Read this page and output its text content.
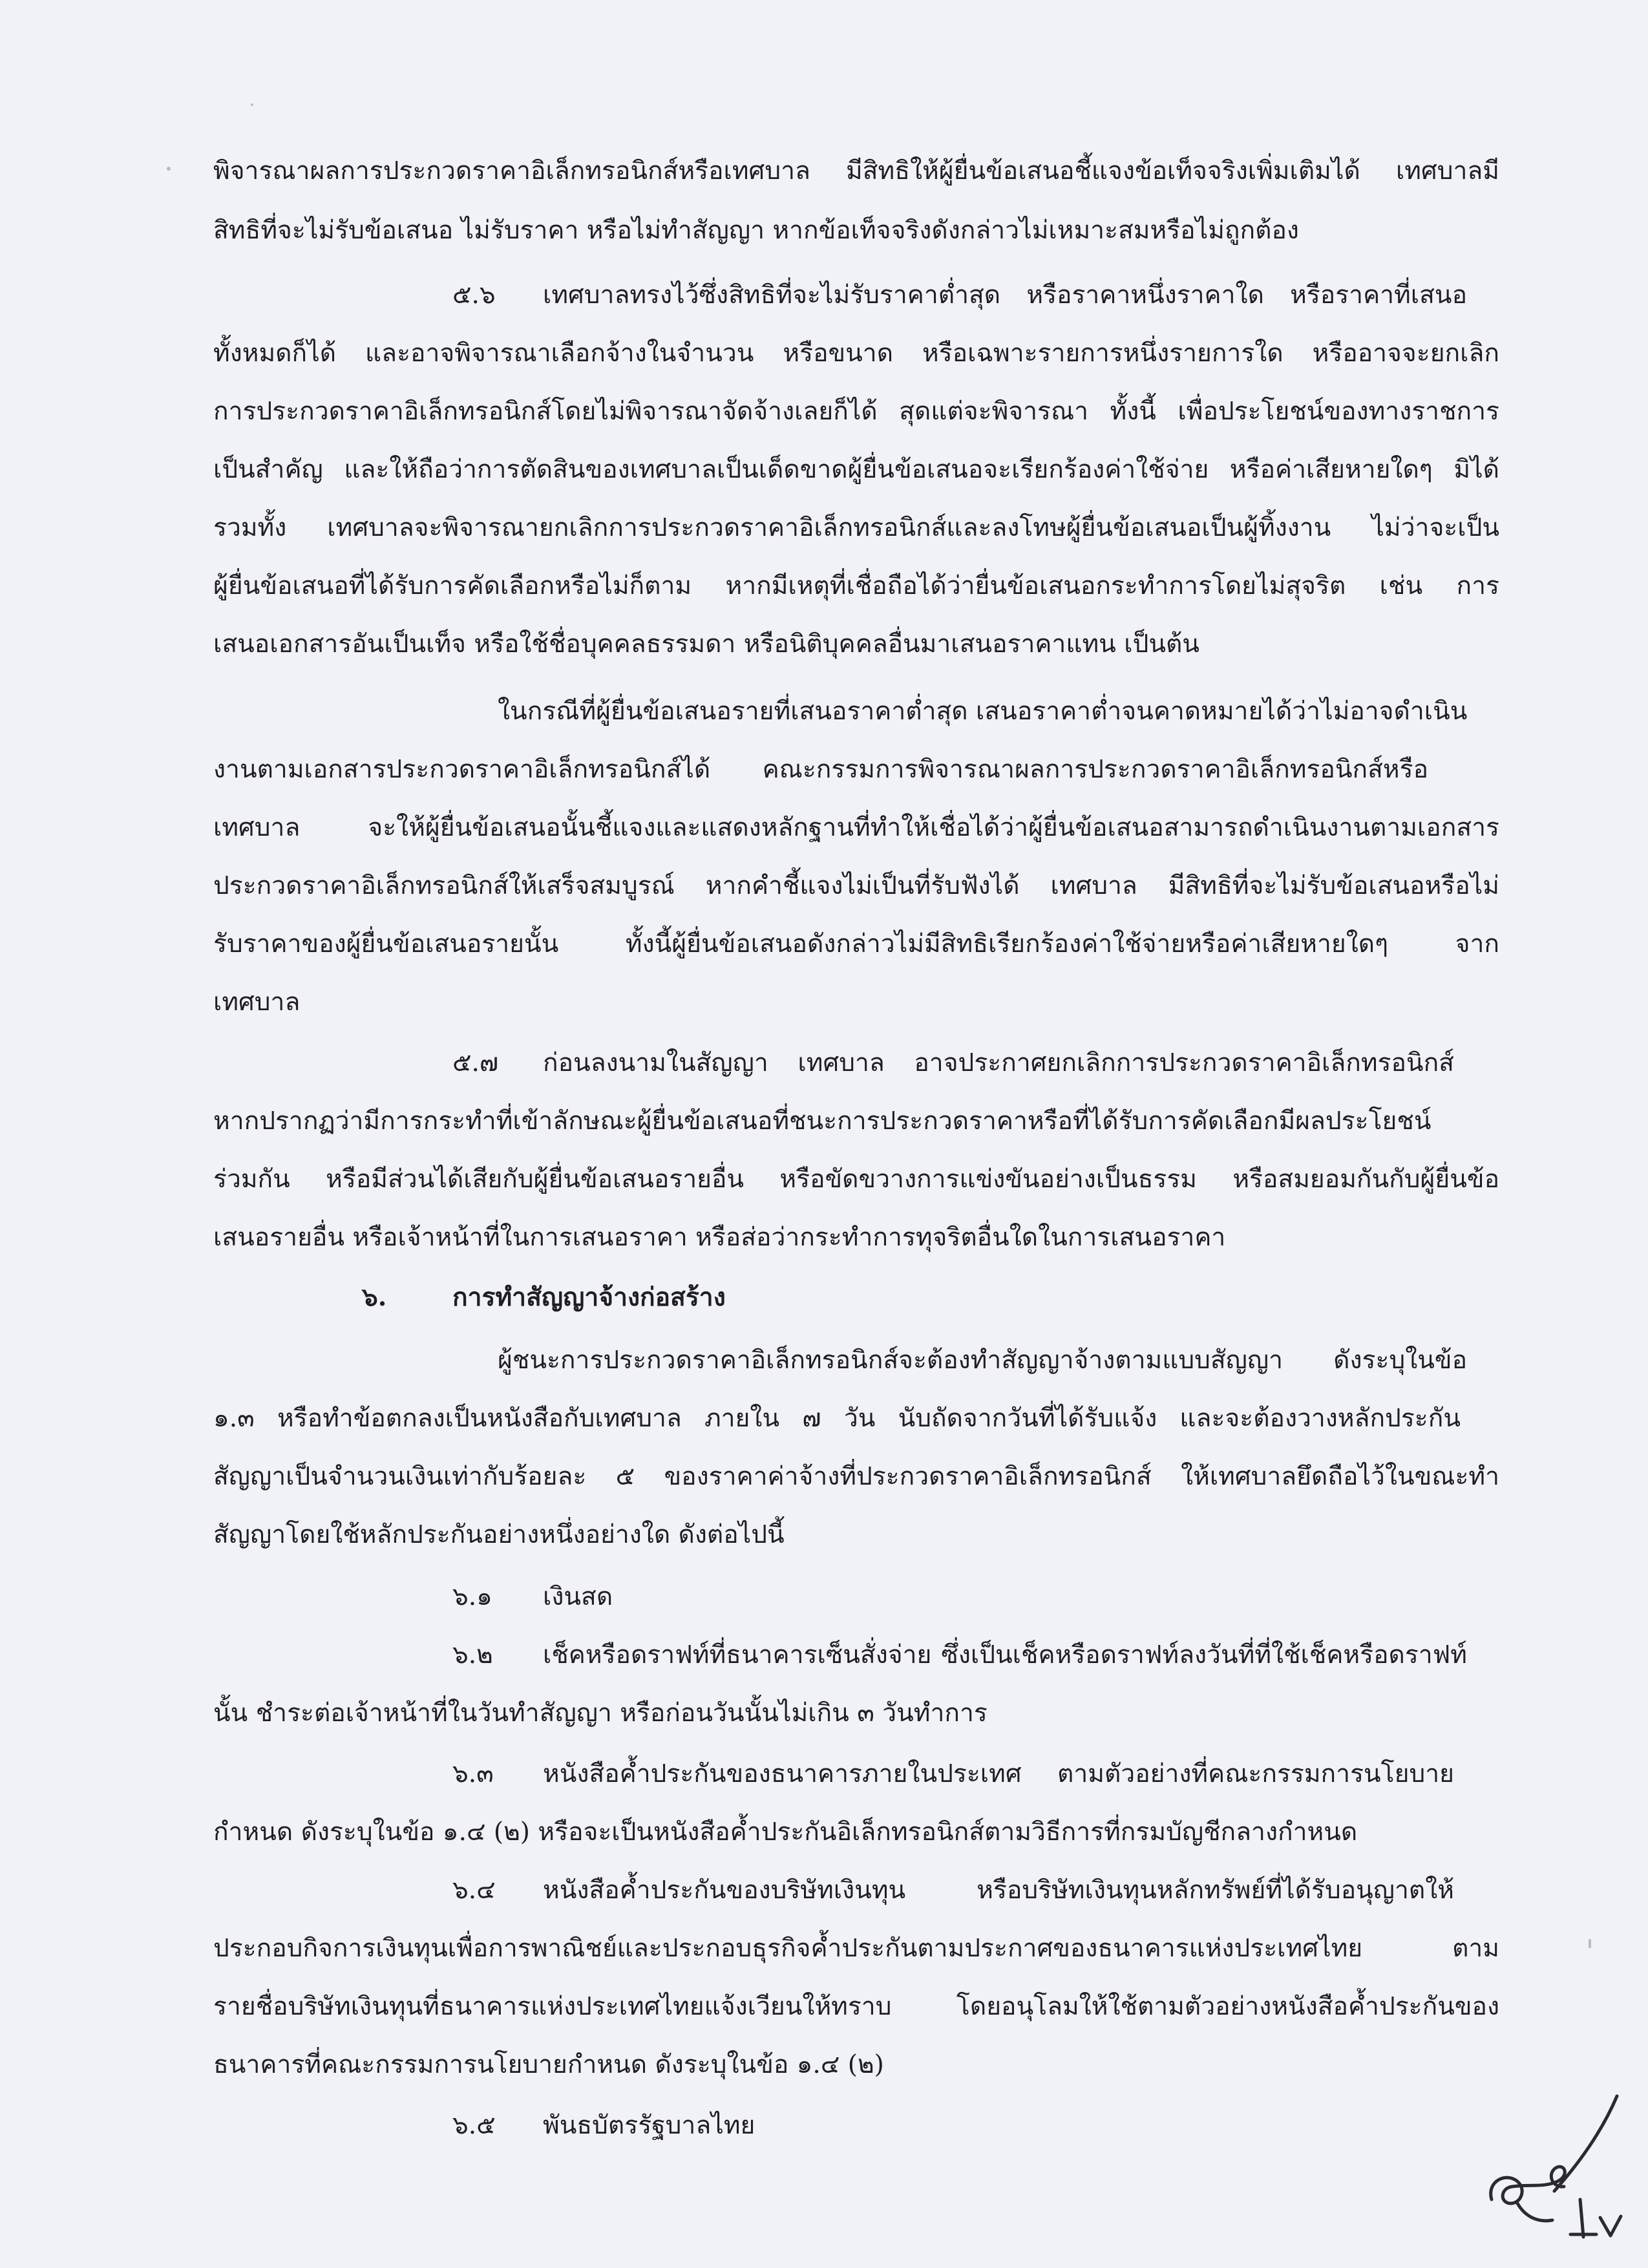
พิจารณาผลการประกวดราคาอิเล็กทรอนิกส์หรือเทศบาล มีสิทธิให้ผู้ยื่นข้อเสนอชี้แจงข้อเท็จจริงเพิ่มเติมได้ เทศบาลมี
สิทธิที่จะไม่รับข้อเสนอ ไม่รับราคา หรือไม่ทำสัญญา หากข้อเท็จจริงดังกล่าวไม่เหมาะสมหรือไม่ถูกต้อง
๕.๖ เทศบาลทรงไว้ซึ่งสิทธิที่จะไม่รับราคาต่ำสุด หรือราคาหนึ่งราคาใด หรือราคาที่เสนอ
ทั้งหมดก็ได้ และอาจพิจารณาเลือกจ้างในจำนวน หรือขนาด หรือเฉพาะรายการหนึ่งรายการใด หรืออาจจะยกเลิก
การประกวดราคาอิเล็กทรอนิกส์โดยไม่พิจารณาจัดจ้างเลยก็ได้ สุดแต่จะพิจารณา ทั้งนี้ เพื่อประโยชน์ของทางราชการ
เป็นสำคัญ และให้ถือว่าการตัดสินของเทศบาลเป็นเด็ดขาดผู้ยื่นข้อเสนอจะเรียกร้องค่าใช้จ่าย หรือค่าเสียหายใดๆ มิได้
รวมทั้ง เทศบาลจะพิจารณายกเลิกการประกวดราคาอิเล็กทรอนิกส์และลงโทษผู้ยื่นข้อเสนอเป็นผู้ทิ้งงาน ไม่ว่าจะเป็น
ผู้ยื่นข้อเสนอที่ได้รับการคัดเลือกหรือไม่ก็ตาม หากมีเหตุที่เชื่อถือได้ว่ายื่นข้อเสนอกระทำการโดยไม่สุจริต เช่น การ
เสนอเอกสารอันเป็นเท็จ หรือใช้ชื่อบุคคลธรรมดา หรือนิติบุคคลอื่นมาเสนอราคาแทน เป็นต้น
ในกรณีที่ผู้ยื่นข้อเสนอรายที่เสนอราคาต่ำสุด เสนอราคาต่ำจนคาดหมายได้ว่าไม่อาจดำเนิน
งานตามเอกสารประกวดราคาอิเล็กทรอนิกส์ได้ คณะกรรมการพิจารณาผลการประกวดราคาอิเล็กทรอนิกส์หรือ
เทศบาล จะให้ผู้ยื่นข้อเสนอนั้นชี้แจงและแสดงหลักฐานที่ทำให้เชื่อได้ว่าผู้ยื่นข้อเสนอสามารถดำเนินงานตามเอกสาร
ประกวดราคาอิเล็กทรอนิกส์ให้เสร็จสมบูรณ์ หากคำชี้แจงไม่เป็นที่รับฟังได้ เทศบาล มีสิทธิที่จะไม่รับข้อเสนอหรือไม่
รับราคาของผู้ยื่นข้อเสนอรายนั้น ทั้งนี้ผู้ยื่นข้อเสนอดังกล่าวไม่มีสิทธิเรียกร้องค่าใช้จ่ายหรือค่าเสียหายใดๆ จาก
เทศบาล
๕.๗ ก่อนลงนามในสัญญา เทศบาล อาจประกาศยกเลิกการประกวดราคาอิเล็กทรอนิกส์
หากปรากฏว่ามีการกระทำที่เข้าลักษณะผู้ยื่นข้อเสนอที่ชนะการประกวดราคาหรือที่ได้รับการคัดเลือกมีผลประโยชน์
ร่วมกัน หรือมีส่วนได้เสียกับผู้ยื่นข้อเสนอรายอื่น หรือขัดขวางการแข่งขันอย่างเป็นธรรม หรือสมยอมกันกับผู้ยื่นข้อ
เสนอรายอื่น หรือเจ้าหน้าที่ในการเสนอราคา หรือส่อว่ากระทำการทุจริตอื่นใดในการเสนอราคา
๖.	การทำสัญญาจ้างก่อสร้าง
ผู้ชนะการประกวดราคาอิเล็กทรอนิกส์จะต้องทำสัญญาจ้างตามแบบสัญญา ดังระบุในข้อ
๑.๓ หรือทำข้อตกลงเป็นหนังสือกับเทศบาล ภายใน ๗ วัน นับถัดจากวันที่ได้รับแจ้ง และจะต้องวางหลักประกัน
สัญญาเป็นจำนวนเงินเท่ากับร้อยละ ๕ ของราคาค่าจ้างที่ประกวดราคาอิเล็กทรอนิกส์ ให้เทศบาลยึดถือไว้ในขณะทำ
สัญญาโดยใช้หลักประกันอย่างหนึ่งอย่างใด ดังต่อไปนี้
๖.๑ เงินสด
๖.๒ เช็คหรือดราฟท์ที่ธนาคารเซ็นสั่งจ่าย ซึ่งเป็นเช็คหรือดราฟท์ลงวันที่ที่ใช้เช็คหรือดราฟท์
นั้น ชำระต่อเจ้าหน้าที่ในวันทำสัญญา หรือก่อนวันนั้นไม่เกิน ๓ วันทำการ
๖.๓ หนังสือค้ำประกันของธนาคารภายในประเทศ ตามตัวอย่างที่คณะกรรมการนโยบาย
กำหนด ดังระบุในข้อ ๑.๔ (๒) หรือจะเป็นหนังสือค้ำประกันอิเล็กทรอนิกส์ตามวิธีการที่กรมบัญชีกลางกำหนด
๖.๔ หนังสือค้ำประกันของบริษัทเงินทุน หรือบริษัทเงินทุนหลักทรัพย์ที่ได้รับอนุญาตให้
ประกอบกิจการเงินทุนเพื่อการพาณิชย์และประกอบธุรกิจค้ำประกันตามประกาศของธนาคารแห่งประเทศไทย ตาม
รายชื่อบริษัทเงินทุนที่ธนาคารแห่งประเทศไทยแจ้งเวียนให้ทราบ โดยอนุโลมให้ใช้ตามตัวอย่างหนังสือค้ำประกันของ
ธนาคารที่คณะกรรมการนโยบายกำหนด ดังระบุในข้อ ๑.๔ (๒)
๖.๕ พันธบัตรรัฐบาลไทย
